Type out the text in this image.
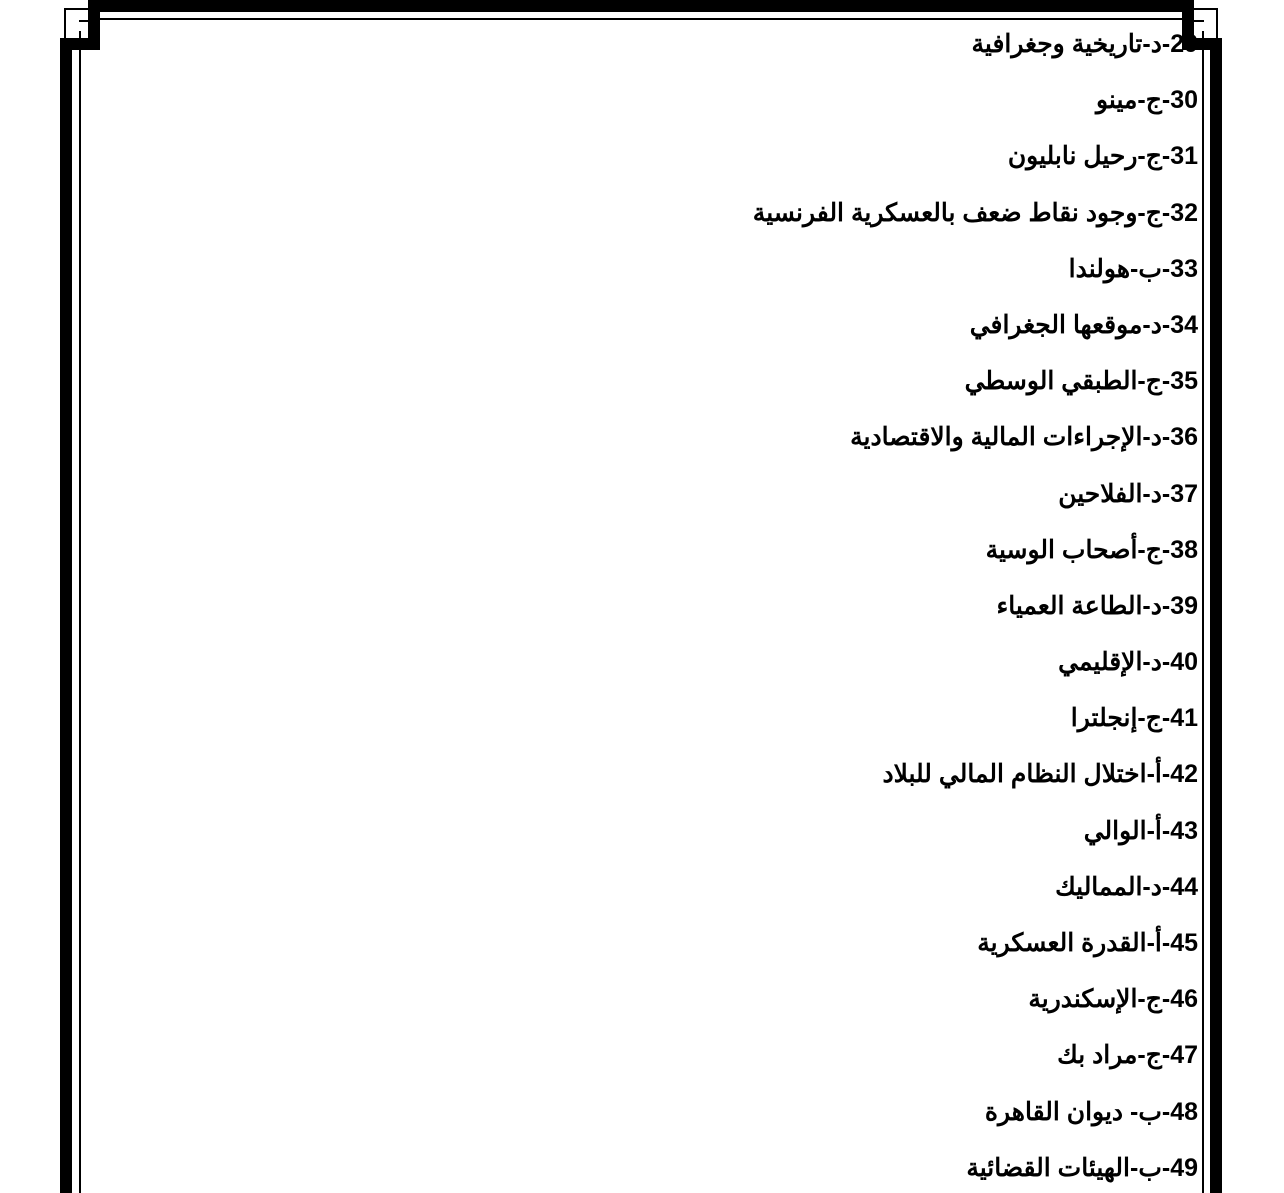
29-د-تاريخية وجغرافية
30-ج-مينو
31-ج-رحيل نابليون
32-ج-وجود نقاط ضعف بالعسكرية الفرنسية
33-ب-هولندا
34-د-موقعها الجغرافي
35-ج-الطبقي الوسطي
36-د-الإجراءات المالية والاقتصادية
37-د-الفلاحين
38-ج-أصحاب الوسية
39-د-الطاعة العمياء
40-د-الإقليمي
41-ج-إنجلترا
42-أ-اختلال النظام المالي للبلاد
43-أ-الوالي
44-د-المماليك
45-أ-القدرة العسكرية
46-ج-الإسكندرية
47-ج-مراد بك
48-ب- ديوان القاهرة
49-ب-الهيئات القضائية
